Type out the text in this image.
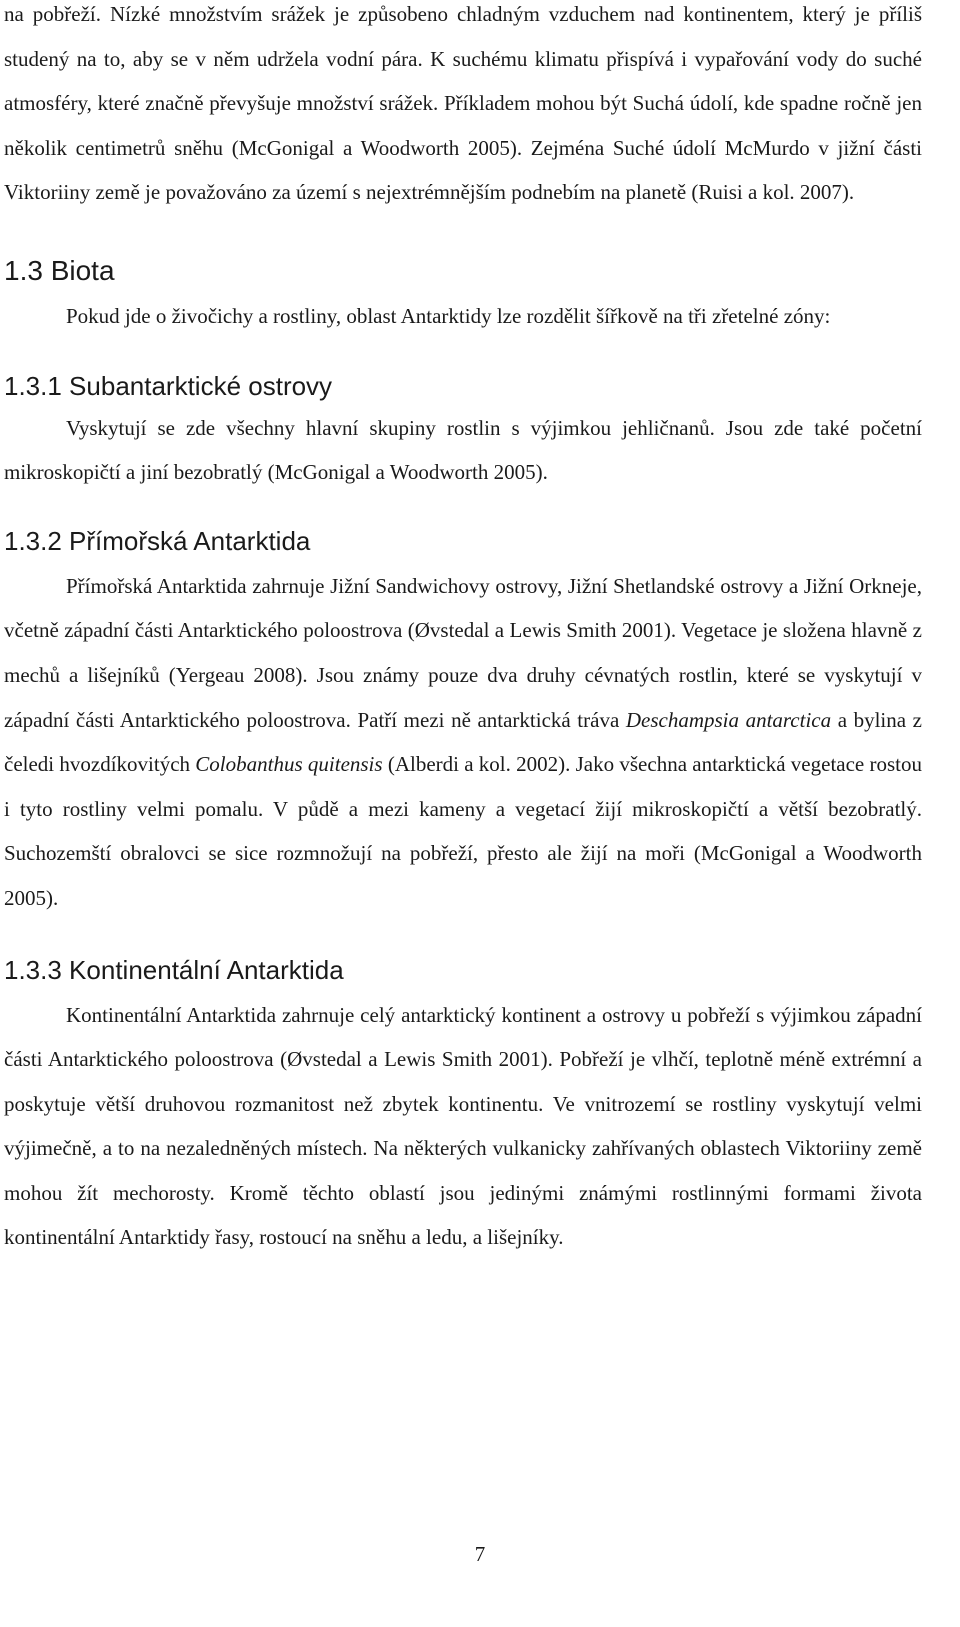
na pobřeží. Nízké množstvím srážek je způsobeno chladným vzduchem nad kontinentem, který je příliš studený na to, aby se v něm udržela vodní pára. K suchému klimatu přispívá i vypařování vody do suché atmosféry, které značně převyšuje množství srážek. Příkladem mohou být Suchá údolí, kde spadne ročně jen několik centimetrů sněhu (McGonigal a Woodworth 2005). Zejména Suché údolí McMurdo v jižní části Viktoriiny země je považováno za území s nejextrémnějším podnebím na planetě (Ruisi a kol. 2007).

1.3 Biota

Pokud jde o živočichy a rostliny, oblast Antarktidy lze rozdělit šířkově na tři zřetelné zóny:

1.3.1 Subantarktické ostrovy

Vyskytují se zde všechny hlavní skupiny rostlin s výjimkou jehličnanů. Jsou zde také početní mikroskopičtí a jiní bezobratlý (McGonigal a Woodworth 2005).

1.3.2 Přímořská Antarktida

Přímořská Antarktida zahrnuje Jižní Sandwichovy ostrovy, Jižní Shetlandské ostrovy a Jižní Orkneje, včetně západní části Antarktického poloostrova (Øvstedal a Lewis Smith 2001). Vegetace je složena hlavně z mechů a lišejníků (Yergeau 2008). Jsou známy pouze dva druhy cévnatých rostlin, které se vyskytují v západní části Antarktického poloostrova. Patří mezi ně antarktická tráva Deschampsia antarctica a bylina z čeledi hvozdíkovitých Colobanthus quitensis (Alberdi a kol. 2002). Jako všechna antarktická vegetace rostou i tyto rostliny velmi pomalu. V půdě a mezi kameny a vegetací žijí mikroskopičtí a větší bezobratlý. Suchozemští obralovci se sice rozmnožují na pobřeží, přesto ale žijí na moři (McGonigal a Woodworth 2005).

1.3.3 Kontinentální Antarktida

Kontinentální Antarktida zahrnuje celý antarktický kontinent a ostrovy u pobřeží s výjimkou západní části Antarktického poloostrova (Øvstedal a Lewis Smith 2001). Pobřeží je vlhčí, teplotně méně extrémní a poskytuje větší druhovou rozmanitost než zbytek kontinentu. Ve vnitrozemí se rostliny vyskytují velmi výjimečně, a to na nezaledněných místech. Na některých vulkanicky zahřívaných oblastech Viktoriiny země mohou žít mechorosty. Kromě těchto oblastí jsou jedinými známými rostlinnými formami života kontinentální Antarktidy řasy, rostoucí na sněhu a ledu, a lišejníky.

7
